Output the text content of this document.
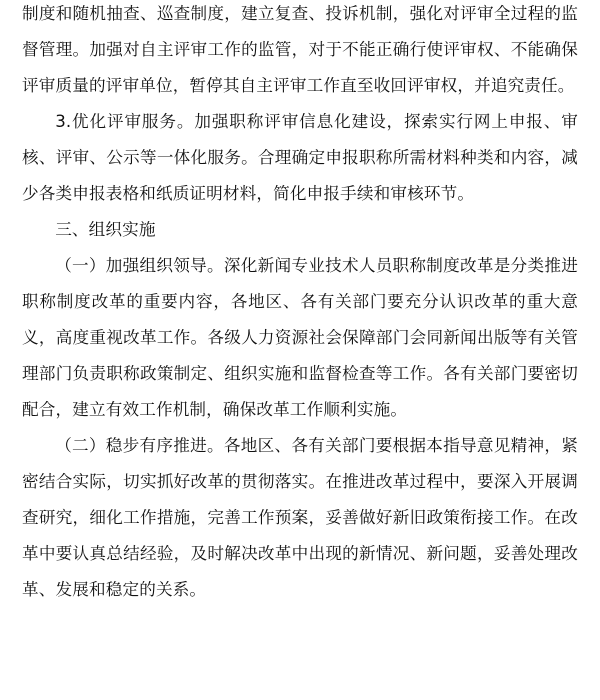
制度和随机抽查、巡查制度，建立复查、投诉机制，强化对评审全过程的监督管理。加强对自主评审工作的监管，对于不能正确行使评审权、不能确保评审质量的评审单位，暂停其自主评审工作直至收回评审权，并追究责任。

3.优化评审服务。加强职称评审信息化建设，探索实行网上申报、审核、评审、公示等一体化服务。合理确定申报职称所需材料种类和内容，减少各类申报表格和纸质证明材料，简化申报手续和审核环节。

三、组织实施

（一）加强组织领导。深化新闻专业技术人员职称制度改革是分类推进职称制度改革的重要内容，各地区、各有关部门要充分认识改革的重大意义，高度重视改革工作。各级人力资源社会保障部门会同新闻出版等有关管理部门负责职称政策制定、组织实施和监督检查等工作。各有关部门要密切配合，建立有效工作机制，确保改革工作顺利实施。

（二）稳步有序推进。各地区、各有关部门要根据本指导意见精神，紧密结合实际，切实抓好改革的贯彻落实。在推进改革过程中，要深入开展调查研究，细化工作措施，完善工作预案，妥善做好新旧政策衔接工作。在改革中要认真总结经验，及时解决改革中出现的新情况、新问题，妥善处理改革、发展和稳定的关系。
